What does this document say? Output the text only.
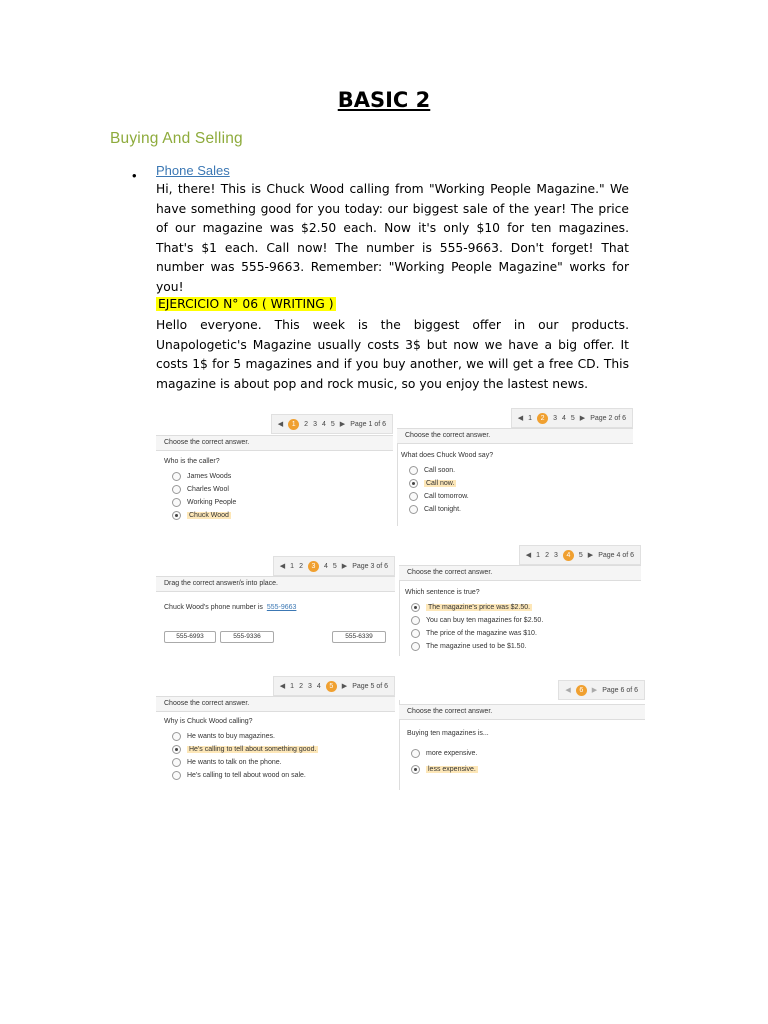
BASIC 2
Buying And Selling
• Phone Sales
Hi, there! This is Chuck Wood calling from "Working People Magazine." We have something good for you today: our biggest sale of the year! The price of our magazine was $2.50 each. Now it's only $10 for ten magazines. That's $1 each. Call now! The number is 555-9663. Don't forget! That number was 555-9663. Remember: "Working People Magazine" works for you!
EJERCICIO N° 06 ( WRITING )
Hello everyone. This week is the biggest offer in our products. Unapologetic's Magazine usually costs 3$ but now we have a big offer. It costs 1$ for 5 magazines and if you buy another, we will get a free CD. This magazine is about pop and rock music, so you enjoy the lastest news.
◀	1	2 3 4 5 ▶ Page 1 of 6
Choose the correct answer.
Who is the caller?
James Woods
Charles Wool
Working People
Chuck Wood
◀ 1	2	3 4 5 ▶ Page 2 of 6
Choose the correct answer.
What does Chuck Wood say?
Call soon.
Call now.
Call tomorrow.
Call tonight.
◀ 1 2	3	4 5 ▶ Page 3 of 6
Drag the correct answer/s into place.
Chuck Wood's phone number is 555-9663
555-6993	555-9336	555-6339
◀ 1 2 3	4	5 ▶ Page 4 of 6
Choose the correct answer.
Which sentence is true?
The magazine's price was $2.50.
You can buy ten magazines for $2.50.
The price of the magazine was $10.
The magazine used to be $1.50.
◀ 1 2 3 4	5	▶ Page 5 of 6
Choose the correct answer.
Why is Chuck Wood calling?
He wants to buy magazines.
He's calling to tell about something good.
He wants to talk on the phone.
He's calling to tell about wood on sale.
◀	6	▶ Page 6 of 6
Choose the correct answer.
Buying ten magazines is...
more expensive.
less expensive.
